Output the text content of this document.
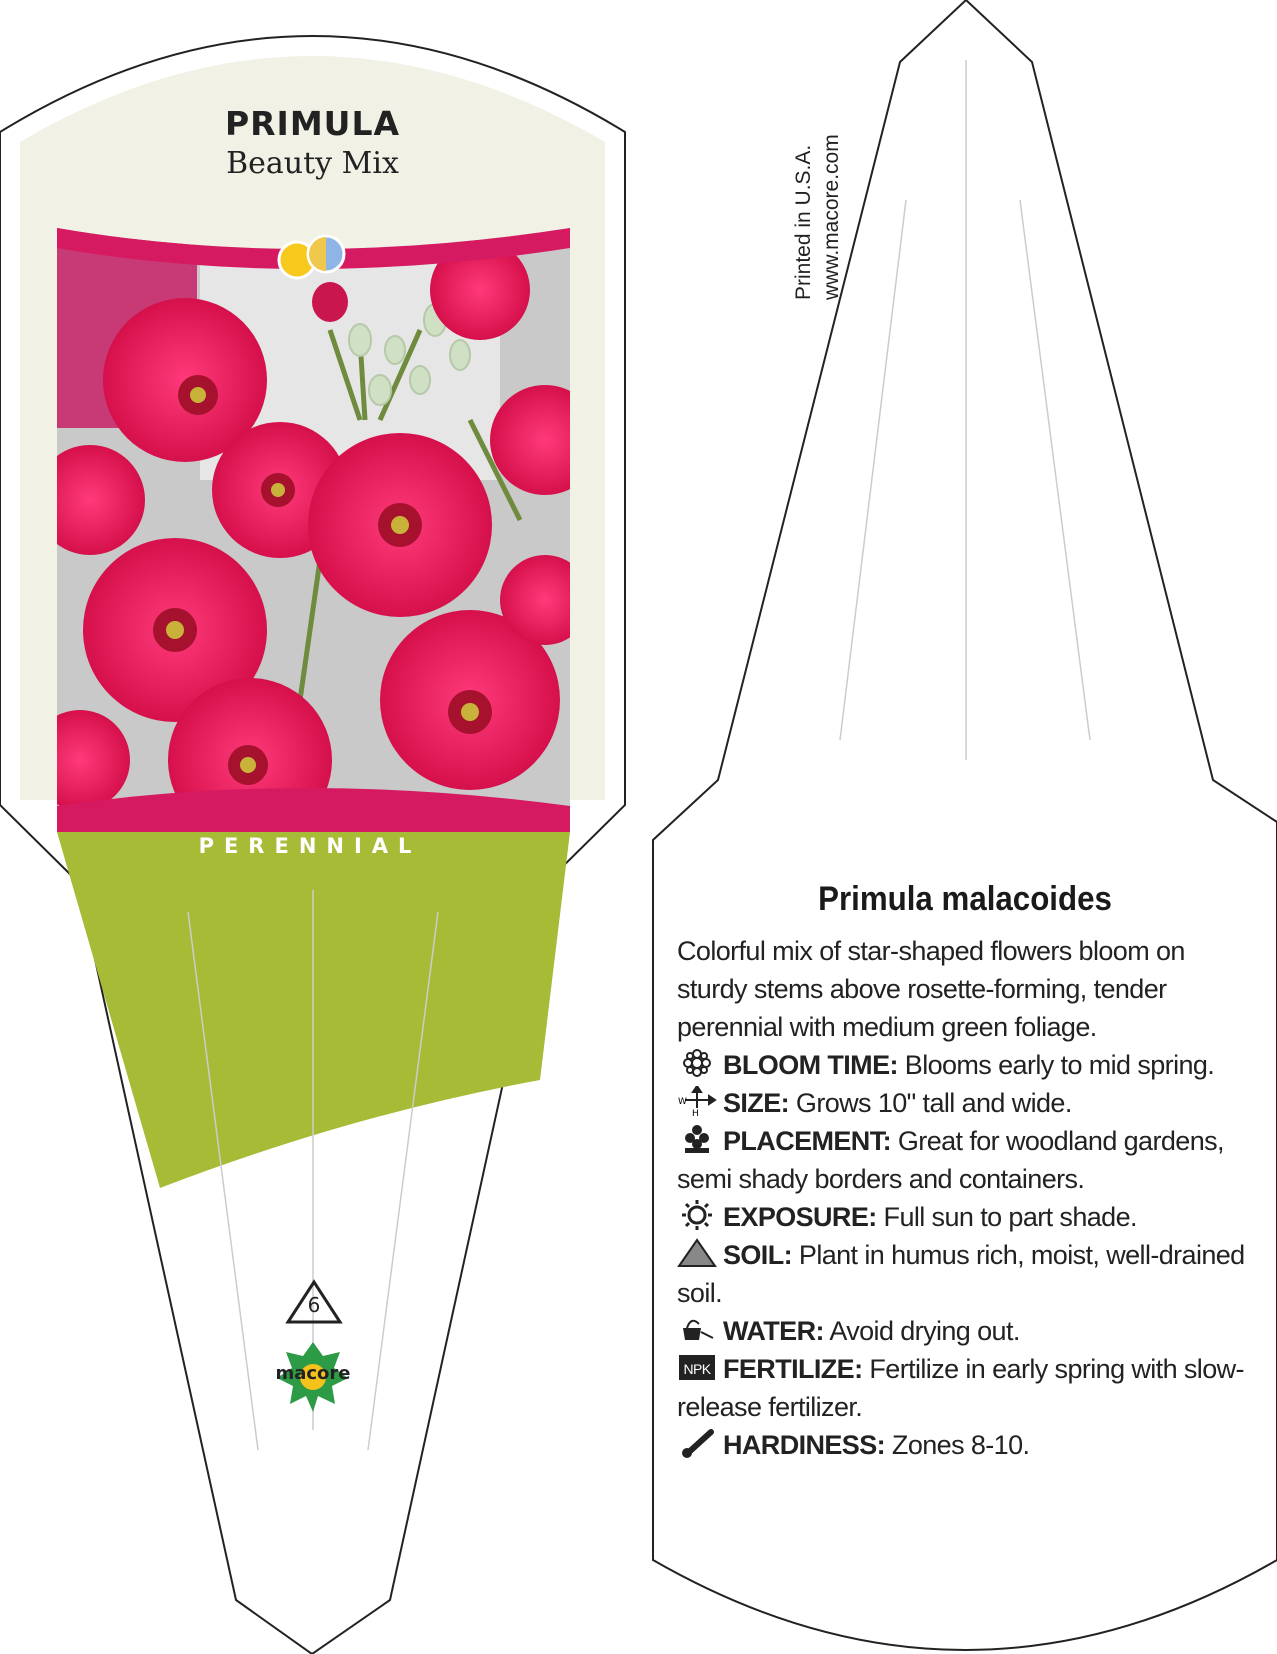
PRIMULA
Beauty Mix
PERENNIAL
6
macore
Printed in U.S.A. www.macore.com
Primula malacoides

Colorful mix of star-shaped flowers bloom on sturdy stems above rosette-forming, tender perennial with medium green foliage.

BLOOM TIME: Blooms early to mid spring.

W
H SIZE: Grows 10" tall and wide.

PLACEMENT: Great for woodland gardens, semi shady borders and containers.

EXPOSURE: Full sun to part shade.

SOIL: Plant in humus rich, moist, well-drained soil.

WATER: Avoid drying out.

NPK FERTILIZE: Fertilize in early spring with slow-release fertilizer.

HARDINESS: Zones 8-10.
